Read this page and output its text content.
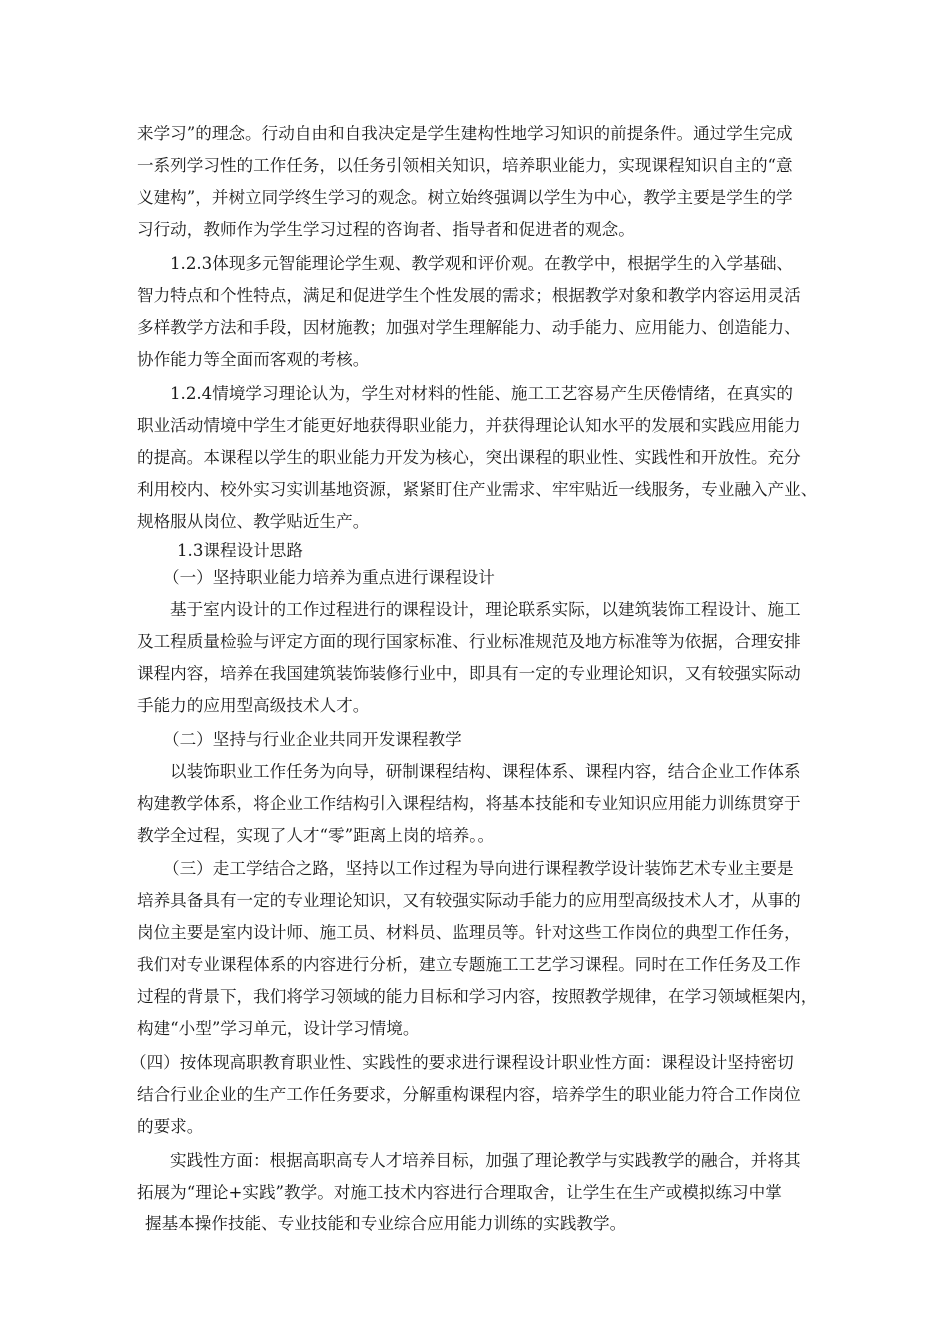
来学习”的理念。行动自由和自我决定是学生建构性地学习知识的前提条件。通过学生完成
一系列学习性的工作任务，以任务引领相关知识，培养职业能力，实现课程知识自主的“意
义建构”，并树立同学终生学习的观念。树立始终强调以学生为中心，教学主要是学生的学
习行动，教师作为学生学习过程的咨询者、指导者和促进者的观念。
1.2.3体现多元智能理论学生观、教学观和评价观。在教学中，根据学生的入学基础、
智力特点和个性特点，满足和促进学生个性发展的需求；根据教学对象和教学内容运用灵活
多样教学方法和手段，因材施教；加强对学生理解能力、动手能力、应用能力、创造能力、
协作能力等全面而客观的考核。
1.2.4情境学习理论认为，学生对材料的性能、施工工艺容易产生厌倦情绪，在真实的
职业活动情境中学生才能更好地获得职业能力，并获得理论认知水平的发展和实践应用能力
的提高。本课程以学生的职业能力开发为核心，突出课程的职业性、实践性和开放性。充分
利用校内、校外实习实训基地资源，紧紧盯住产业需求、牢牢贴近一线服务，专业融入产业、
规格服从岗位、教学贴近生产。
1.3课程设计思路
（一）坚持职业能力培养为重点进行课程设计
基于室内设计的工作过程进行的课程设计，理论联系实际，以建筑装饰工程设计、施工
及工程质量检验与评定方面的现行国家标准、行业标准规范及地方标准等为依据，合理安排
课程内容，培养在我国建筑装饰装修行业中，即具有一定的专业理论知识，又有较强实际动
手能力的应用型高级技术人才。
（二）坚持与行业企业共同开发课程教学
以装饰职业工作任务为向导，研制课程结构、课程体系、课程内容，结合企业工作体系
构建教学体系，将企业工作结构引入课程结构，将基本技能和专业知识应用能力训练贯穿于
教学全过程，实现了人才“零”距离上岗的培养。。
（三）走工学结合之路，坚持以工作过程为导向进行课程教学设计装饰艺术专业主要是
培养具备具有一定的专业理论知识，又有较强实际动手能力的应用型高级技术人才，从事的
岗位主要是室内设计师、施工员、材料员、监理员等。针对这些工作岗位的典型工作任务，
我们对专业课程体系的内容进行分析，建立专题施工工艺学习课程。同时在工作任务及工作
过程的背景下，我们将学习领域的能力目标和学习内容，按照教学规律，在学习领域框架内，
构建“小型”学习单元，设计学习情境。
（四）按体现高职教育职业性、实践性的要求进行课程设计职业性方面：课程设计坚持密切
结合行业企业的生产工作任务要求，分解重构课程内容，培养学生的职业能力符合工作岗位
的要求。
实践性方面：根据高职高专人才培养目标，加强了理论教学与实践教学的融合，并将其
拓展为“理论+实践”教学。对施工技术内容进行合理取舍，让学生在生产或模拟练习中掌
握基本操作技能、专业技能和专业综合应用能力训练的实践教学。
